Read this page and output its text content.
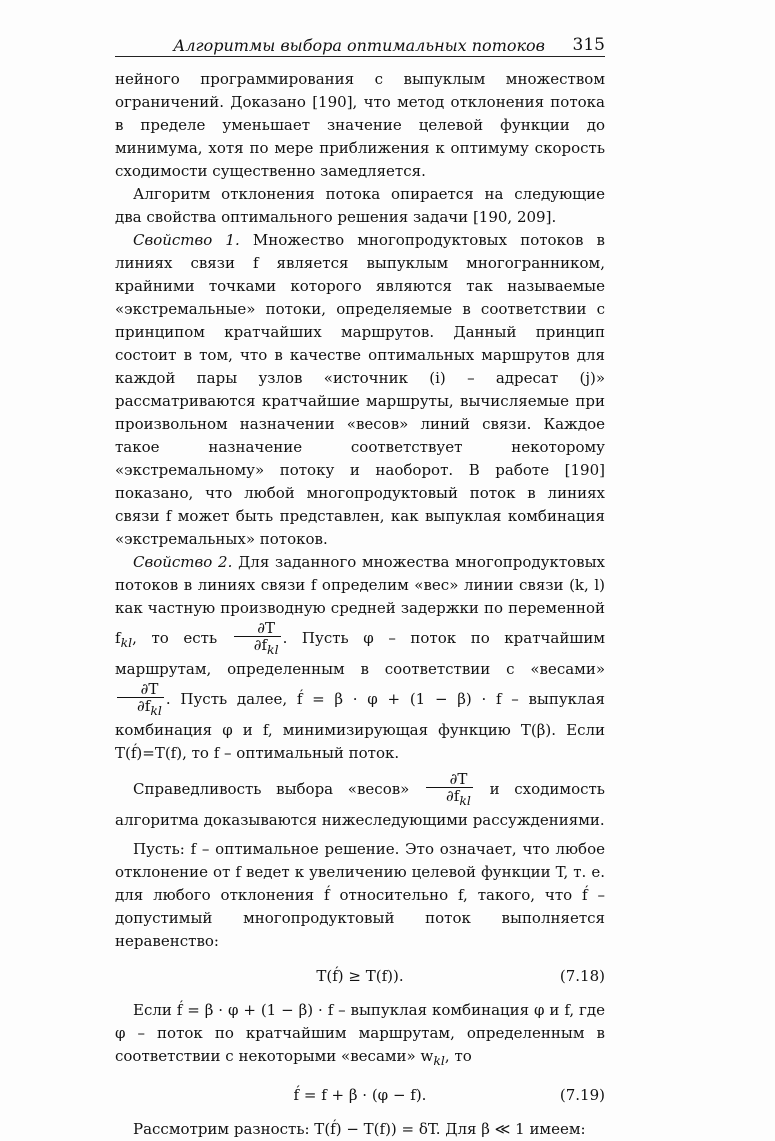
Алгоритмы выбора оптимальных потоков 315

нейного программирования с выпуклым множеством ограничений. Доказано [190], что метод отклонения потока в пределе уменьшает значение целевой функции до минимума, хотя по мере приближения к оптимуму скорость сходимости существенно замедляется.

Алгоритм отклонения потока опирается на следующие два свойства оптимального решения задачи [190, 209].

Свойство 1. Множество многопродуктовых потоков в линиях связи f является выпуклым многогранником, крайними точками которого являются так называемые «экстремальные» потоки, определяемые в соответствии с принципом кратчайших маршрутов. Данный принцип состоит в том, что в качестве оптимальных маршрутов для каждой пары узлов «источник (i) – адресат (j)» рассматриваются кратчайшие маршруты, вычисляемые при произвольном назначении «весов» линий связи. Каждое такое назначение соответствует некоторому «экстремальному» потоку и наоборот. В работе [190] показано, что любой многопродуктовый поток в линиях связи f может быть представлен, как выпуклая комбинация «экстремальных» потоков.

Свойство 2. Для заданного множества многопродуктовых потоков в линиях связи f определим «вес» линии связи (k, l) как частную производную средней задержки по переменной $f_{kl}$, то есть $\frac{\partial T}{\partial f_{kl}}$ . Пусть φ – поток по кратчайшим маршрутам, определенным в соответствии с «весами»
$\frac{\partial T}{\partial f_{kl}}$ . Пусть далее, f́ = β · φ + (1 − β) · f – выпуклая комбинация φ и f, минимизирующая функцию T(β). Если T(f́)=T(f), то f – оптимальный поток.

Справедливость выбора «весов» $\frac{\partial T}{\partial f_{kl}}$ и сходимость алгоритма доказываются нижеследующими рассуждениями.

Пусть: f – оптимальное решение. Это означает, что любое отклонение от f ведет к увеличению целевой функции T, т. е. для любого отклонения f́ относительно f, такого, что f́ – допустимый многопродуктовый поток выполняется неравенство:

T(f́) ≥ T(f)).	(7.18)

Если f́ = β · φ + (1 − β) · f – выпуклая комбинация φ и f, где φ – поток по кратчайшим маршрутам, определенным в соответствии с некоторыми «весами» $w_{kl}$, то

f́ = f + β · (φ − f).	(7.19)

Рассмотрим разность: T(f́) − T(f)) = δT. Для β ≪ 1 имеем:
